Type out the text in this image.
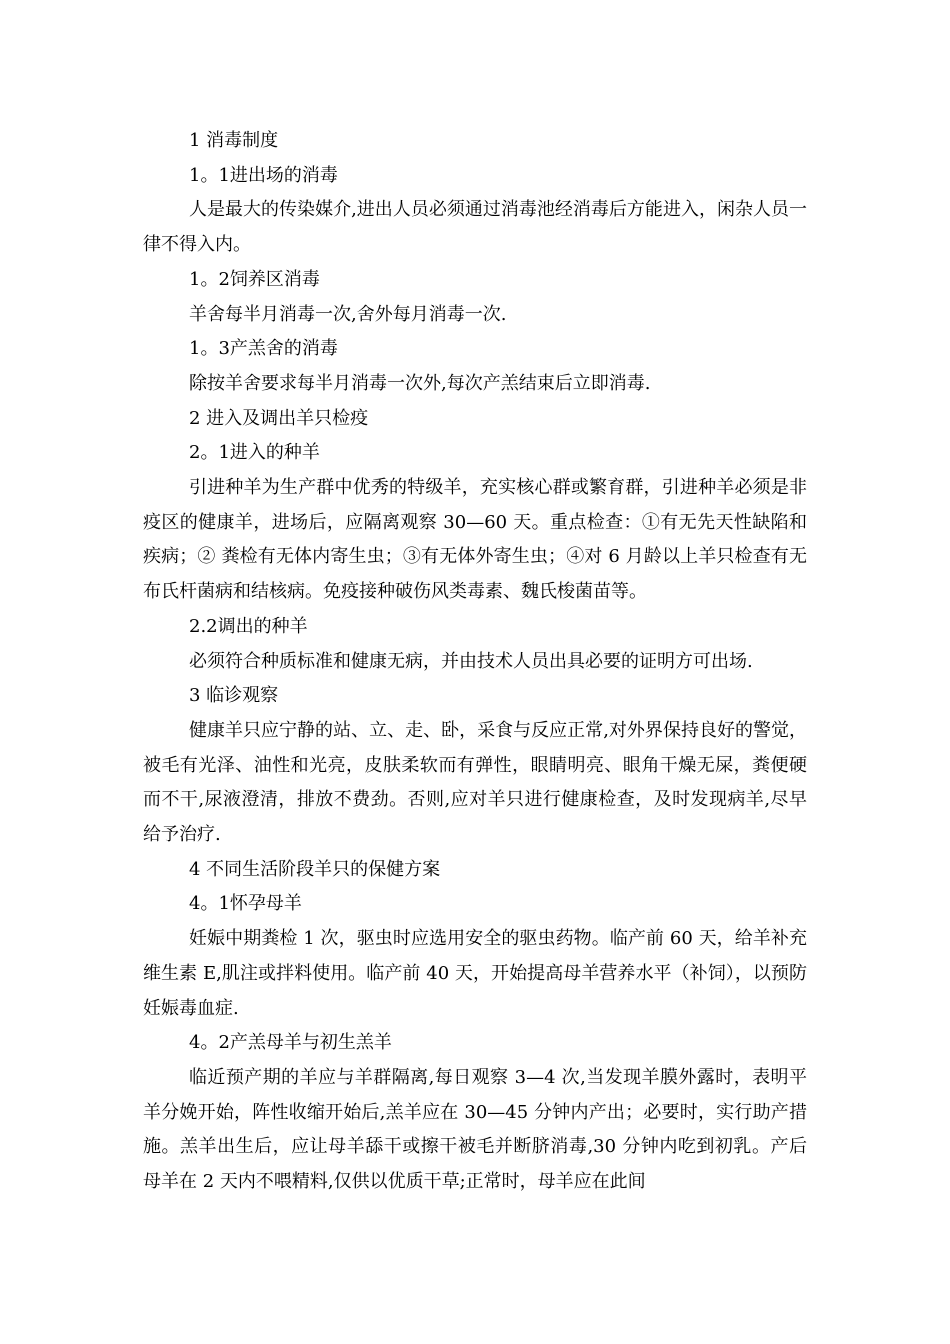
1 消毒制度
1。1进出场的消毒
人是最大的传染媒介,进出人员必须通过消毒池经消毒后方能进入，闲杂人员一律不得入内。
1。2饲养区消毒
羊舍每半月消毒一次,舍外每月消毒一次.
1。3产羔舍的消毒
除按羊舍要求每半月消毒一次外,每次产羔结束后立即消毒.
2 进入及调出羊只检疫
2。1进入的种羊
引进种羊为生产群中优秀的特级羊，充实核心群或繁育群，引进种羊必须是非疫区的健康羊，进场后，应隔离观察 30—60 天。重点检查：①有无先天性缺陷和疾病；② 粪检有无体内寄生虫；③有无体外寄生虫；④对 6 月龄以上羊只检查有无布氏杆菌病和结核病。免疫接种破伤风类毒素、魏氏梭菌苗等。
2.2调出的种羊
必须符合种质标准和健康无病，并由技术人员出具必要的证明方可出场.
3 临诊观察
健康羊只应宁静的站、立、走、卧，采食与反应正常,对外界保持良好的警觉，被毛有光泽、油性和光亮，皮肤柔软而有弹性，眼睛明亮、眼角干燥无屎，粪便硬而不干,尿液澄清，排放不费劲。否则,应对羊只进行健康检查，及时发现病羊,尽早给予治疗.
4 不同生活阶段羊只的保健方案
4。1怀孕母羊
妊娠中期粪检 1 次，驱虫时应选用安全的驱虫药物。临产前 60 天，给羊补充维生素 E,肌注或拌料使用。临产前 40 天，开始提高母羊营养水平（补饲），以预防妊娠毒血症.
4。2产羔母羊与初生羔羊
临近预产期的羊应与羊群隔离,每日观察 3—4 次,当发现羊膜外露时，表明平羊分娩开始，阵性收缩开始后,羔羊应在 30—45 分钟内产出；必要时，实行助产措施。羔羊出生后，应让母羊舔干或擦干被毛并断脐消毒,30 分钟内吃到初乳。产后母羊在 2 天内不喂精料,仅供以优质干草;正常时，母羊应在此间
